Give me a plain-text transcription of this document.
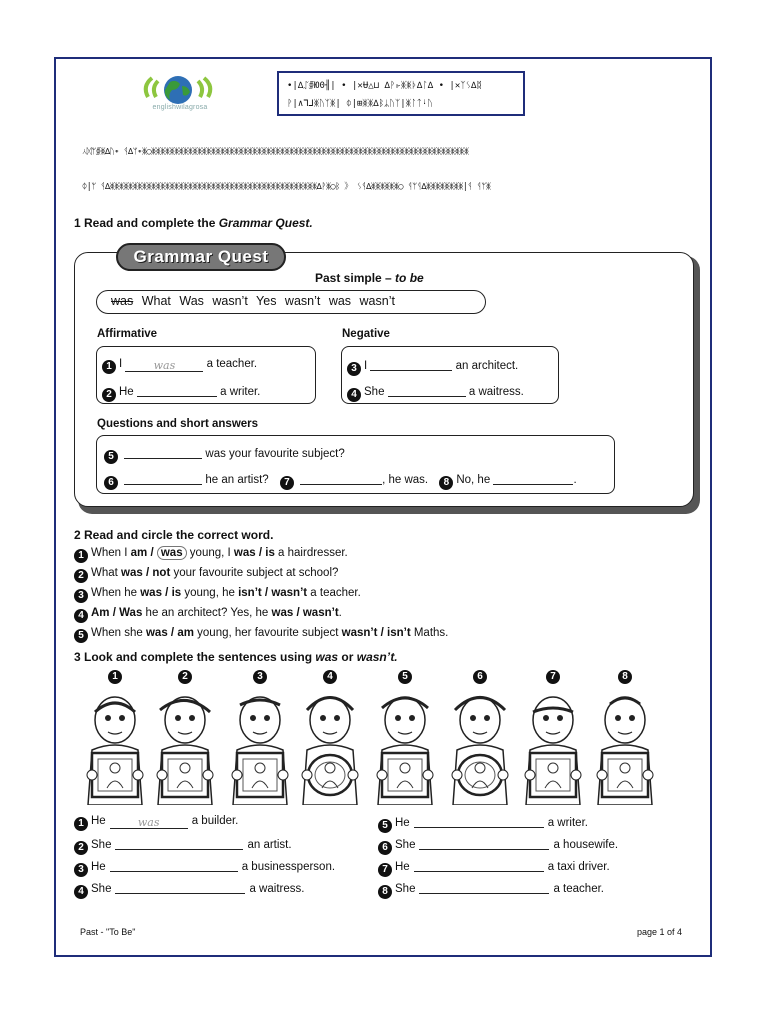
englishwilagrosa
•|∆ᛢ∰Ю0╢| • |✕Ʉ△⊔ ∆ᚹ⊮ᛤᛤᚦ∆ᛚ∆ • |✕ᛉᛊ∆ᛥ
ᚹ|∧ᒣ⅃ᛤᚢᛉᛤ| ᛰ|⊞ᛤᛤ∆ᛒᛦᚢᛉ|ᛤᛚᛏᛍᚢ
⅄ᛞᛘ∰ᛤ∆ᚢ᛭ ᛩ∆ᛘ᛭ᛤ◯ᛤᛤᛤᛤᛤᛤᛤᛤᛤᛤᛤᛤᛤᛤᛤᛤᛤᛤᛤᛤᛤᛤᛤᛤᛤᛤᛤᛤᛤᛤᛤᛤᛤᛤᛤᛤᛤᛤᛤᛤᛤᛤᛤᛤᛤᛤᛤᛤᛤᛤᛤᛤᛤᛤᛤᛤᛤᛤᛤᛤᛤᛤᛤᛤᛤᛤᛤᛤᛤ
ᛰ|ᛘ ᛩ∆ᛤᛤᛤᛤᛤᛤᛤᛤᛤᛤᛤᛤᛤᛤᛤᛤᛤᛤᛤᛤᛤᛤᛤᛤᛤᛤᛤᛤᛤᛤᛤᛤᛤᛤᛤᛤᛤᛤᛤᛤᛤᛤᛤᛤᛤ∆ᚹᛤ◯ᛒ 》 ᛊᛩ∆ᛤᛤᛤᛤᛤᛤ◯ ᛩᛘᛩ∆ᛤᛤᛤᛤᛤᛤᛤᛤ|ᛩ ᛩᛘᛤ
1 Read and complete the Grammar Quest.
Grammar Quest
Past simple – to be
was What Was wasn’t Yes wasn’t was wasn’t
Affirmative	Negative
1 I	was	a teacher.
2 He	a writer.
3 I	an architect.
4 She	a waitress.
Questions and short answers
5	was your favourite subject?
6	he an artist? 7	, he was. 8 No, he	.
2 Read and circle the correct word.
1 When I am / was young, I was / is a hairdresser.
2 What was / not your favourite subject at school?
3 When he was / is young, he isn’t / wasn’t a teacher.
4 Am / Was he an architect? Yes, he was / wasn’t.
5 When she was / am young, her favourite subject wasn’t / isn’t Maths.
3 Look and complete the sentences using was or wasn’t.
1	2	3	4	5	6	7	8
1 He	was	a builder.
2 She	an artist.
3 He	a businessperson.
4 She	a waitress.
5 He	a writer.
6 She	a housewife.
7 He	a taxi driver.
8 She	a teacher.
Past - "To Be"	page 1 of 4
